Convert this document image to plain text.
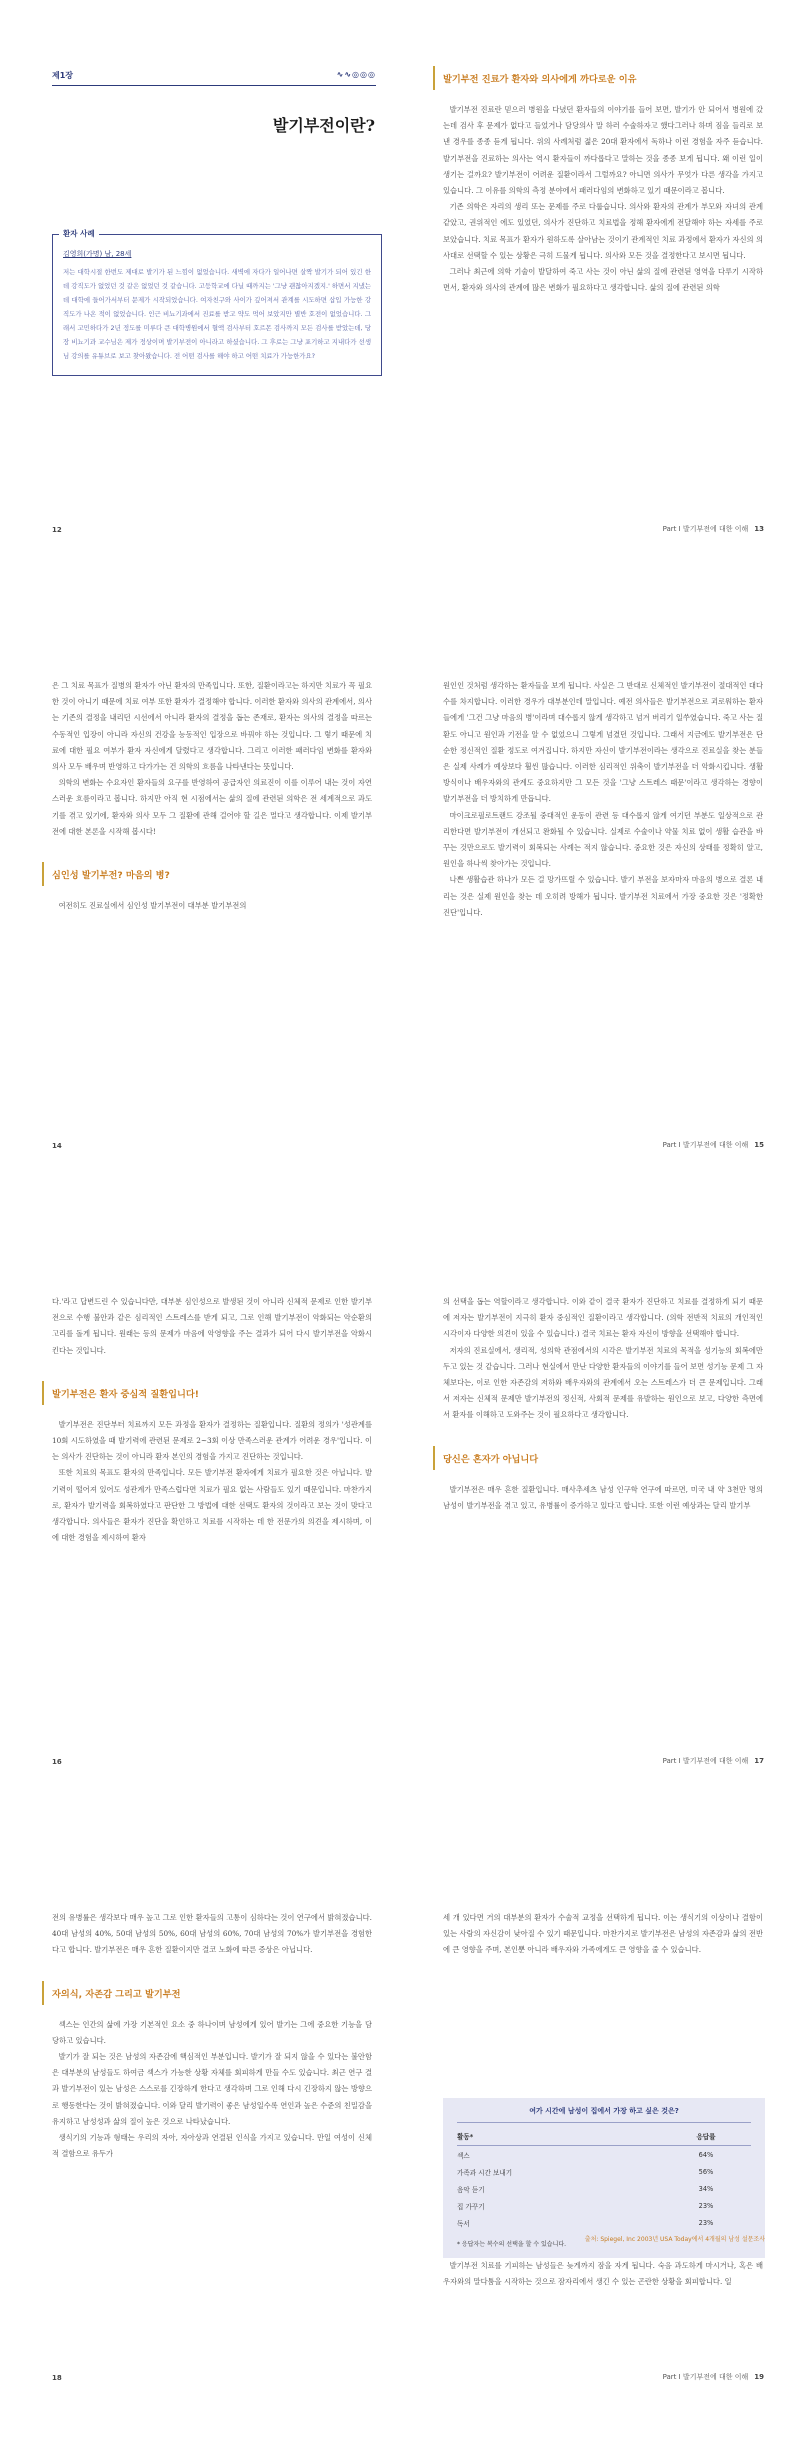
제1장	∿∿◎◎◎
발기부전이란?
환자 사례
김영희(가명) 남, 28세

저는 대학시절 한번도 제대로 발기가 된 느낌이 없었습니다. 새벽에 자다가 일어나면 살짝 발기가 되어 있긴 한데 강직도가 없었던 것 같은 없었던 것 같습니다. 고등학교에 다닐 때까지는 '그냥 괜찮아지겠지.' 하면서 지냈는데 대학에 들어가서부터 문제가 시작되었습니다. 여자친구와 사이가 깊어져서 관계를 시도하면 삽입 가능한 강직도가 나온 적이 없었습니다. 인근 비뇨기과에서 진료를 받고 약도 먹어 보았지만 별반 호전이 없었습니다. 그래서 고민하다가 2년 정도를 미루다 큰 대학병원에서 혈액 검사부터 호르몬 검사까지 모든 검사를 받았는데, 당장 비뇨기과 교수님은 제가 정상이며 발기부전이 아니라고 하셨습니다. 그 후로는 그냥 포기하고 지내다가 선생님 강의를 유튜브로 보고 찾아왔습니다. 전 어떤 검사를 해야 하고 어떤 치료가 가능한가요?

12
발기부전 진료가 환자와 의사에게 까다로운 이유

발기부전 진료란 믿으러 병원을 다녔던 환자들의 이야기를 들어 보면, 발기가 안 되어서 병원에 갔는데 검사 후 문제가 없다고 들었거나 담당의사 말 하러 수술하자고 했다그러나 하며 짐을 들리로 보낸 경우를 종종 듣게 됩니다. 위의 사례처럼 젊은 20대 환자에서 독하나 이런 경험을 자주 듣습니다. 발기부전을 진료하는 의사는 역시 환자들이 까다롭다고 말하는 것을 종종 보게 됩니다. 왜 이런 일이 생기는 걸까요? 발기부전이 어려운 질환이라서 그럴까요? 아니면 의사가 무엇가 다른 생각을 가지고 있습니다. 그 이유를 의학의 측정 분야에서 패러다임의 변화하고 있기 때문이라고 봅니다.

기존 의학은 자리의 생리 또는 문제를 주로 다룹습니다. 의사와 환자의 관계가 부모와 자녀의 관계 같았고, 권위적인 에도 있었던, 의사가 진단하고 치료법을 정해 환자에게 전달해야 하는 자세를 주로 보았습니다. 치료 목표가 환자가 원하도록 살아남는 것이기 관계적인 치료 과정에서 환자가 자신의 의사대로 선택할 수 있는 상황은 극히 드물게 됩니다. 의사와 모든 것을 결정한다고 보시면 됩니다.

그러나 최근에 의학 기술이 발달하여 죽고 사는 것이 아닌 삶의 질에 관련된 영역을 다루기 시작하면서, 환자와 의사의 관계에 많은 변화가 필요하다고 생각합니다. 삶의 질에 관련된 의학

Part I 발기부전에 대한 이해 13

은 그 치료 목표가 질병의 환자가 아닌 환자의 만족입니다. 또한, 질환이라고는 하지만 치료가 꼭 필요한 것이 아니기 때문에 치료 여부 또한 환자가 결정해야 합니다. 이러한 환자와 의사의 관계에서, 의사는 기존의 결정을 내리던 시선에서 아니라 환자의 결정을 돕는 존재로, 환자는 의사의 결정을 따르는 수동적인 입장이 아니라 자신의 건강을 능동적인 입장으로 바꿔야 하는 것입니다. 그 렇기 때문에 치료에 대한 필요 여부가 환자 자신에게 달렸다고 생각합니다. 그리고 이러한 패러다임 변화를 환자와 의사 모두 배우며 반영하고 다가가는 건 의학의 흐름을 나타낸다는 뜻입니다.

의학의 변화는 수요자인 환자들의 요구를 반영하여 공급자인 의료진이 이를 이루어 내는 것이 자연스러운 흐름이라고 봅니다. 하지만 아직 현 시점에서는 삶의 질에 관련된 의학은 전 세계적으로 과도기를 겪고 있기에, 환자와 의사 모두 그 질환에 관해 걸어야 할 길은 멀다고 생각합니다. 이제 발기부전에 대한 본론을 시작해 봅시다!

심인성 발기부전? 마음의 병?

여전히도 진료실에서 심인성 발기부전이 대부분 발기부전의

14

원인인 것처럼 생각하는 환자들을 보게 됩니다. 사실은 그 반대로 신체적인 발기부전이 절대적인 대다수를 차지합니다. 이러한 경우가 대부분인데 말입니다. 예전 의사들은 발기부전으로 괴로워하는 환자들에게 '그건 그냥 마음의 병'이라며 대수롭지 않게 생각하고 넘겨 버리기 일쑤였습니다. 죽고 사는 질환도 아니고 원인과 기전을 알 수 없었으니 그렇게 넘겼던 것입니다. 그래서 지금에도 발기부전은 단순한 정신적인 질환 정도로 여겨집니다. 하지만 자신이 발기부전이라는 생각으로 진료실을 찾는 분들은 실제 사례가 예상보다 훨씬 많습니다. 이러한 심리적인 위축이 발기부전을 더 악화시킵니다. 생활 방식이나 배우자와의 관계도 중요하지만 그 모든 것을 '그냥 스트레스 때문'이라고 생각하는 경향이 발기부전을 더 방치하게 만듭니다.

마이크로필로트랜드 강조될 중대적인 운동이 관련 등 대수롭지 않게 여기던 부분도 일상적으로 관리한다면 발기부전이 개선되고 완화될 수 있습니다. 실제로 수술이나 약물 치료 없이 생활 습관을 바꾸는 것만으로도 발기력이 회복되는 사례는 적지 않습니다. 중요한 것은 자신의 상태를 정확히 알고, 원인을 하나씩 찾아가는 것입니다.

나쁜 생활습관 하나가 모든 걸 망가뜨릴 수 있습니다. 발기 부전을 보자마자 마음의 병으로 결론 내리는 것은 실제 원인을 찾는 데 오히려 방해가 됩니다. 발기부전 치료에서 가장 중요한 것은 '정확한 진단'입니다.

Part I 발기부전에 대한 이해 15

다.'라고 답변드린 수 있습니다만, 대부분 심인성으로 발생된 것이 아니라 신체적 문제로 인한 발기부전으로 수행 불안과 같은 심리적인 스트레스를 받게 되고, 그로 인해 발기부전이 악화되는 악순환의 고리를 돌게 됩니다. 원래는 등의 문제가 마음에 악영향을 주는 결과가 되어 다시 발기부전을 악화시킨다는 것입니다.

발기부전은 환자 중심적 질환입니다!

발기부전은 진단부터 치료까지 모든 과정을 환자가 결정하는 질환입니다. 질환의 정의가 '성관계를 10회 시도하였을 때 발기력에 관련된 문제로 2~3회 이상 만족스러운 관계가 어려운 경우'입니다. 이는 의사가 진단하는 것이 아니라 환자 본인의 경험을 가지고 진단하는 것입니다.

또한 치료의 목표도 환자의 만족입니다. 모든 발기부전 환자에게 치료가 필요한 것은 아닙니다. 발기력이 떨어져 있어도 성관계가 만족스럽다면 치료가 필요 없는 사람들도 있기 때문입니다. 마찬가지로, 환자가 발기력을 회복하였다고 판단한 그 방법에 대한 선택도 환자의 것이라고 보는 것이 맞다고 생각합니다. 의사들은 환자가 진단을 확인하고 치료를 시작하는 데 한 전문가의 의견을 제시하며, 이에 대한 경험을 제시하여 환자

16

의 선택을 돕는 역할이라고 생각합니다. 이와 같이 결국 환자가 진단하고 치료를 결정하게 되기 때문에 저자는 발기부전이 지극히 환자 중심적인 질환이라고 생각합니다. (의학 전반적 치료의 개인적인 시각이자 다양한 의견이 있을 수 있습니다.) 결국 치료는 환자 자신이 방향을 선택해야 합니다.

저자의 진료실에서, 생리적, 성의학 관점에서의 시각은 발기부전 치료의 목적을 성기능의 회복에만 두고 있는 것 같습니다. 그러나 현실에서 만난 다양한 환자들의 이야기를 들어 보면 성기능 문제 그 자체보다는, 이로 인한 자존감의 저하와 배우자와의 관계에서 오는 스트레스가 더 큰 문제입니다. 그래서 저자는 신체적 문제만 발기부전의 정신적, 사회적 문제를 유발하는 원인으로 보고, 다양한 측면에서 환자를 이해하고 도와주는 것이 필요하다고 생각합니다.

당신은 혼자가 아닙니다

발기부전은 매우 흔한 질환입니다. 매사추세츠 남성 인구학 연구에 따르면, 미국 내 약 3천만 명의 남성이 발기부전을 겪고 있고, 유병률이 증가하고 있다고 합니다. 또한 이런 예상과는 달리 발기부

Part I 발기부전에 대한 이해 17

전의 유병률은 생각보다 매우 높고 그로 인한 환자들의 고통이 심하다는 것이 연구에서 밝혀졌습니다. 40대 남성의 40%, 50대 남성의 50%, 60대 남성의 60%, 70대 남성의 70%가 발기부전을 경험한다고 합니다. 발기부전은 매우 흔한 질환이지만 결코 노화에 따른 증상은 아닙니다.

자의식, 자존감 그리고 발기부전

섹스는 인간의 삶에 가장 기본적인 요소 중 하나이며 남성에게 있어 발기는 그에 중요한 기능을 담당하고 있습니다.

발기가 잘 되는 것은 남성의 자존감에 핵심적인 부분입니다. 발기가 잘 되지 않을 수 있다는 불안함은 대부분의 남성들도 하여금 섹스가 가능한 상황 자체를 회피하게 만들 수도 있습니다. 최근 연구 결과 발기부전이 있는 남성은 스스로를 긴장하게 한다고 생각하며 그로 인해 다시 긴장하지 않는 방향으로 행동한다는 것이 밝혀졌습니다. 이와 달리 발기력이 좋은 남성일수록 연인과 높은 수준의 친밀감을 유지하고 남성성과 삶의 질이 높은 것으로 나타났습니다.

생식기의 기능과 형태는 우리의 자아, 자아상과 연결된 인식을 가지고 있습니다. 만일 여성이 신체적 결함으로 유두가

18

세 개 있다면 거의 대부분의 환자가 수술적 교정을 선택하게 됩니다. 이는 생식기의 이상이나 결함이 있는 사람의 자신감이 낮아질 수 있기 때문입니다. 마찬가지로 발기부전은 남성의 자존감과 삶의 전반에 큰 영향을 주며, 본인뿐 아니라 배우자와 가족에게도 큰 영향을 줄 수 있습니다.

여가 시간에 남성이 집에서 가장 하고 싶은 것은?
활동*	응답률
섹스	64%
가족과 시간 보내기	56%
음악 듣기	34%
집 가꾸기	23%
독서	23%
* 응답자는 복수의 선택을 할 수 있습니다.
출처: Spiegel, Inc 2003년 USA Today에서 4개월의 남성 설문조사

발기부전 치료를 기피하는 남성들은 늦게까지 잠을 자게 됩니다. 숙음 과도하게 마시거나, 혹은 배우자와의 말다툼을 시작하는 것으로 잠자리에서 생긴 수 있는 곤란한 상황을 회피합니다. 일

Part I 발기부전에 대한 이해 19
